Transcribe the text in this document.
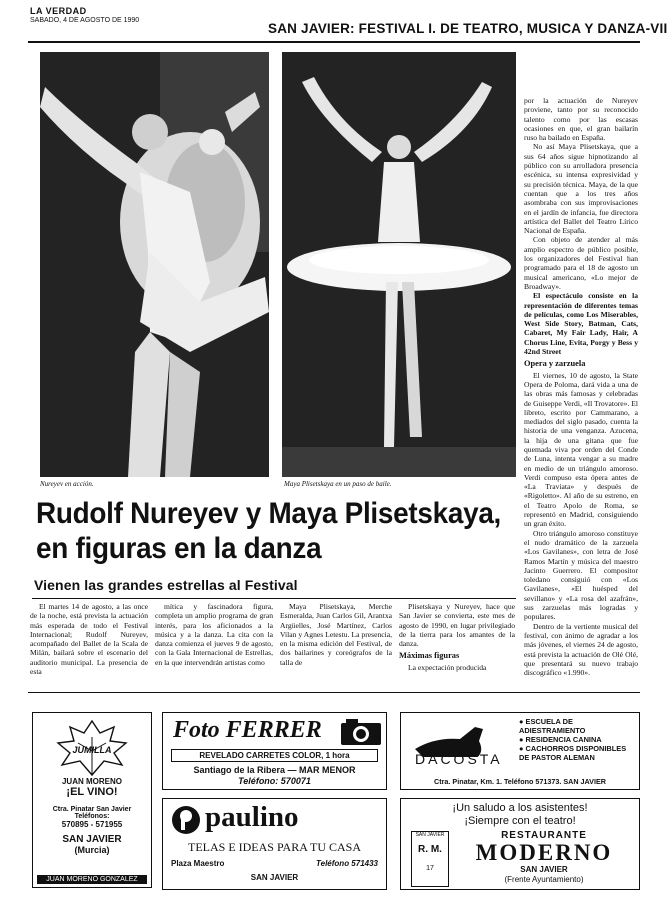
LA VERDAD
SABADO, 4 DE AGOSTO DE 1990
SAN JAVIER: FESTIVAL I. DE TEATRO, MUSICA Y DANZA-VII
Nureyev en acción.	Maya Plisetskaya en un paso de baile.
Rudolf Nureyev y Maya Plisetskaya,
en figuras en la danza
Vienen las grandes estrellas al Festival

El martes 14 de agosto, a las once de la noche, está prevista la actuación más esperada de todo el Festival Internacional; Rudolf Nureyev, acompañado del Ballet de la Scala de Milán, bailará sobre el escenario del auditorio municipal. La presencia de esta

mítica y fascinadora figura, completa un amplio programa de gran interés, para los aficionados a la música y a la danza. La cita con la danza comienza el jueves 9 de agosto, con la Gala Internacional de Estrellas, en la que intervendrán artistas como

Maya Plisetskaya, Merche Esmeralda, Juan Carlos Gil, Arantxa Argüelles, José Martínez, Carlos Vilan y Agnes Letestu. La presencia, en la misma edición del Festival, de dos bailarines y coreógrafos de la talla de

Plisetskaya y Nureyev, hace que San Javier se convierta, este mes de agosto de 1990, en lugar privilegiado de la tierra para los amantes de la danza.

Máximas figuras

La expectación producida

por la actuación de Nureyev proviene, tanto por su reconocido talento como por las escasas ocasiones en que, el gran bailarín ruso ha bailado en España.

No así Maya Plisetskaya, que a sus 64 años sigue hipnotizando al público con su arrolladora presencia escénica, su intensa expresividad y su precisión técnica. Maya, de la que cuentan que a los tres años asombraba con sus improvisaciones en el jardín de infancia, fue directora artística del Ballet del Teatro Lírico Nacional de España.

Con objeto de atender al más amplio espectro de público posible, los organizadores del Festival han programado para el 18 de agosto un musical americano, «Lo mejor de Broadway».

El espectáculo consiste en la representación de diferentes temas de películas, como Los Miserables, West Side Story, Batman, Cats, Cabaret, My Fair Lady, Hair, A Chorus Line, Evita, Porgy y Bess y 42nd Street

Opera y zarzuela

El viernes, 10 de agosto, la State Opera de Poloma, dará vida a una de las obras más famosas y celebradas de Guiseppe Verdi, «Il Trovatore». El libreto, escrito por Cammarano, a mediados del siglo pasado, cuenta la historia de una venganza. Azucena, la hija de una gitana que fue quemada viva por orden del Conde de Luna, intenta vengar a su madre en medio de un triángulo amoroso. Verdi compuso esta ópera antes de «La Traviata» y después de «Rigoletto». Al año de su estreno, en el Teatro Apolo de Roma, se representó en Madrid, consiguiendo un gran éxito.

Otro triángulo amoroso constituye el nudo dramático de la zarzuela «Los Gavilanes», con letra de José Ramos Martín y música del maestro Jacinto Guerrero. El compositor toledano consiguió con «Los Gavilanes», «El huésped del sevillano» y «La rosa del azafrán», sus zarzuelas más logradas y populares.

Dentro de la vertiente musical del festival, con ánimo de agradar a los más jóvenes, el viernes 24 de agosto, está prevista la actuación de Olé Olé, que presentará su nuevo trabajo discográfico «1.990».

JUMILLA
JUAN MORENO
¡EL VINO!
Ctra. Pinatar San Javier
Teléfonos:
570895 - 571955
SAN JAVIER
(Murcia)
JUAN MORENO GONZALEZ
Foto FERRER
REVELADO CARRETES COLOR, 1 hora
Santiago de la Ribera — MAR MENOR
Teléfono: 570071
DACOSTA
● ESCUELA DE ADIESTRAMIENTO
● RESIDENCIA CANINA
● CACHORROS DISPONIBLES DE PASTOR ALEMAN
Ctra. Pinatar, Km. 1. Teléfono 571373. SAN JAVIER
paulino
TELAS E IDEAS PARA TU CASA
Plaza Maestro	Teléfono 571433
SAN JAVIER
¡Un saludo a los asistentes!
¡Siempre con el teatro!
SAN JAVIER
R. M.
17
RESTAURANTE
MODERNO
SAN JAVIER
(Frente Ayuntamiento)
